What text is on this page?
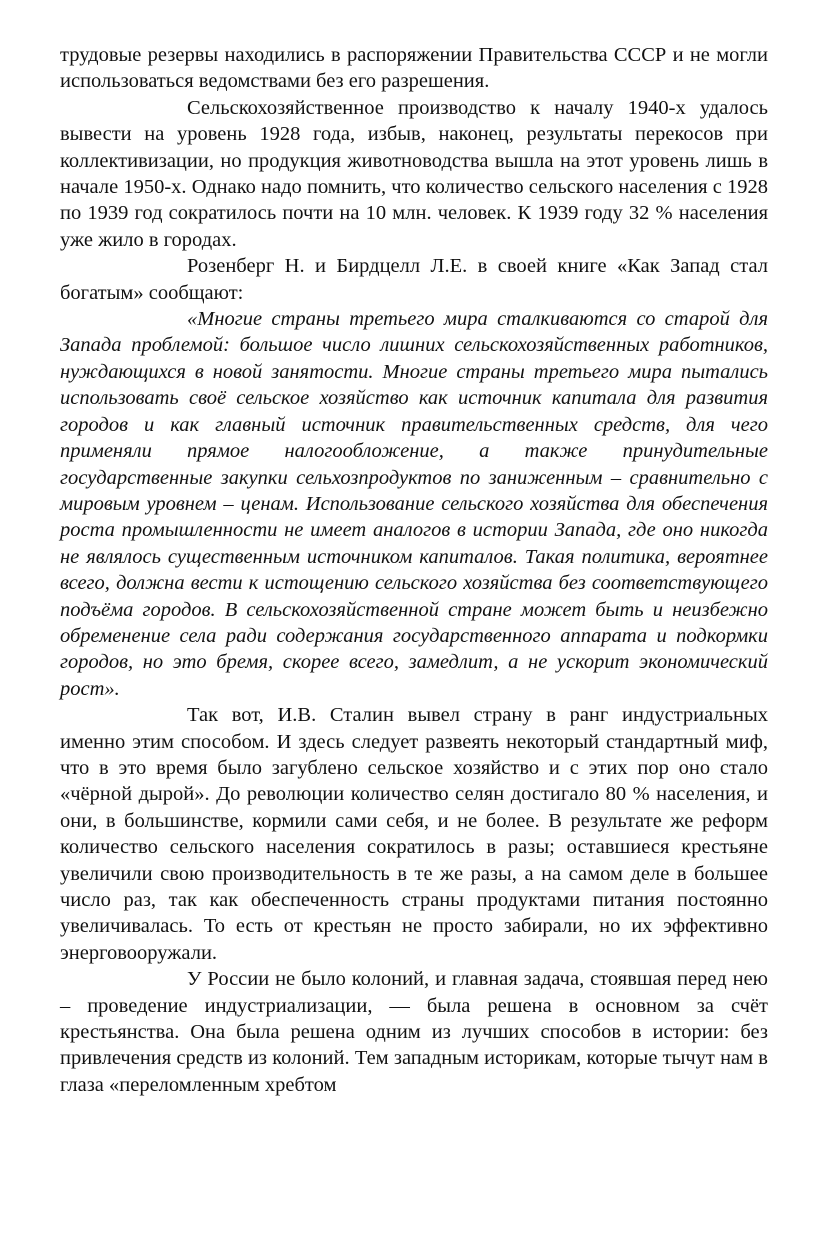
трудовые резервы находились в распоряжении Правительства СССР и не могли использоваться ведомствами без его разрешения.

Сельскохозяйственное производство к началу 1940-х удалось вывести на уровень 1928 года, избыв, наконец, результаты перекосов при коллективизации, но продукция животноводства вышла на этот уровень лишь в начале 1950-х. Однако надо помнить, что количество сельского населения с 1928 по 1939 год сократилось почти на 10 млн. человек. К 1939 году 32 % населения уже жило в городах.

Розенберг Н. и Бирдцелл Л.Е. в своей книге «Как Запад стал богатым» сообщают:

«Многие страны третьего мира сталкиваются со старой для Запада проблемой: большое число лишних сельскохозяйственных работников, нуждающихся в новой занятости. Многие страны третьего мира пытались использовать своё сельское хозяйство как источник капитала для развития городов и как главный источник правительственных средств, для чего применяли прямое налогообложение, а также принудительные государственные закупки сельхозпродуктов по заниженным – сравнительно с мировым уровнем – ценам. Использование сельского хозяйства для обеспечения роста промышленности не имеет аналогов в истории Запада, где оно никогда не являлось существенным источником капиталов. Такая политика, вероятнее всего, должна вести к истощению сельского хозяйства без соответствующего подъёма городов. В сельскохозяйственной стране может быть и неизбежно обременение села ради содержания государственного аппарата и подкормки городов, но это бремя, скорее всего, замедлит, а не ускорит экономический рост».

Так вот, И.В. Сталин вывел страну в ранг индустриальных именно этим способом. И здесь следует развеять некоторый стандартный миф, что в это время было загублено сельское хозяйство и с этих пор оно стало «чёрной дырой». До революции количество селян достигало 80 % населения, и они, в большинстве, кормили сами себя, и не более. В результате же реформ количество сельского населения сократилось в разы; оставшиеся крестьяне увеличили свою производительность в те же разы, а на самом деле в большее число раз, так как обеспеченность страны продуктами питания постоянно увеличивалась. То есть от крестьян не просто забирали, но их эффективно энерговооружали.

У России не было колоний, и главная задача, стоявшая перед нею – проведение индустриализации, — была решена в основном за счёт крестьянства. Она была решена одним из лучших способов в истории: без привлечения средств из колоний. Тем западным историкам, которые тычут нам в глаза «переломленным хребтом
